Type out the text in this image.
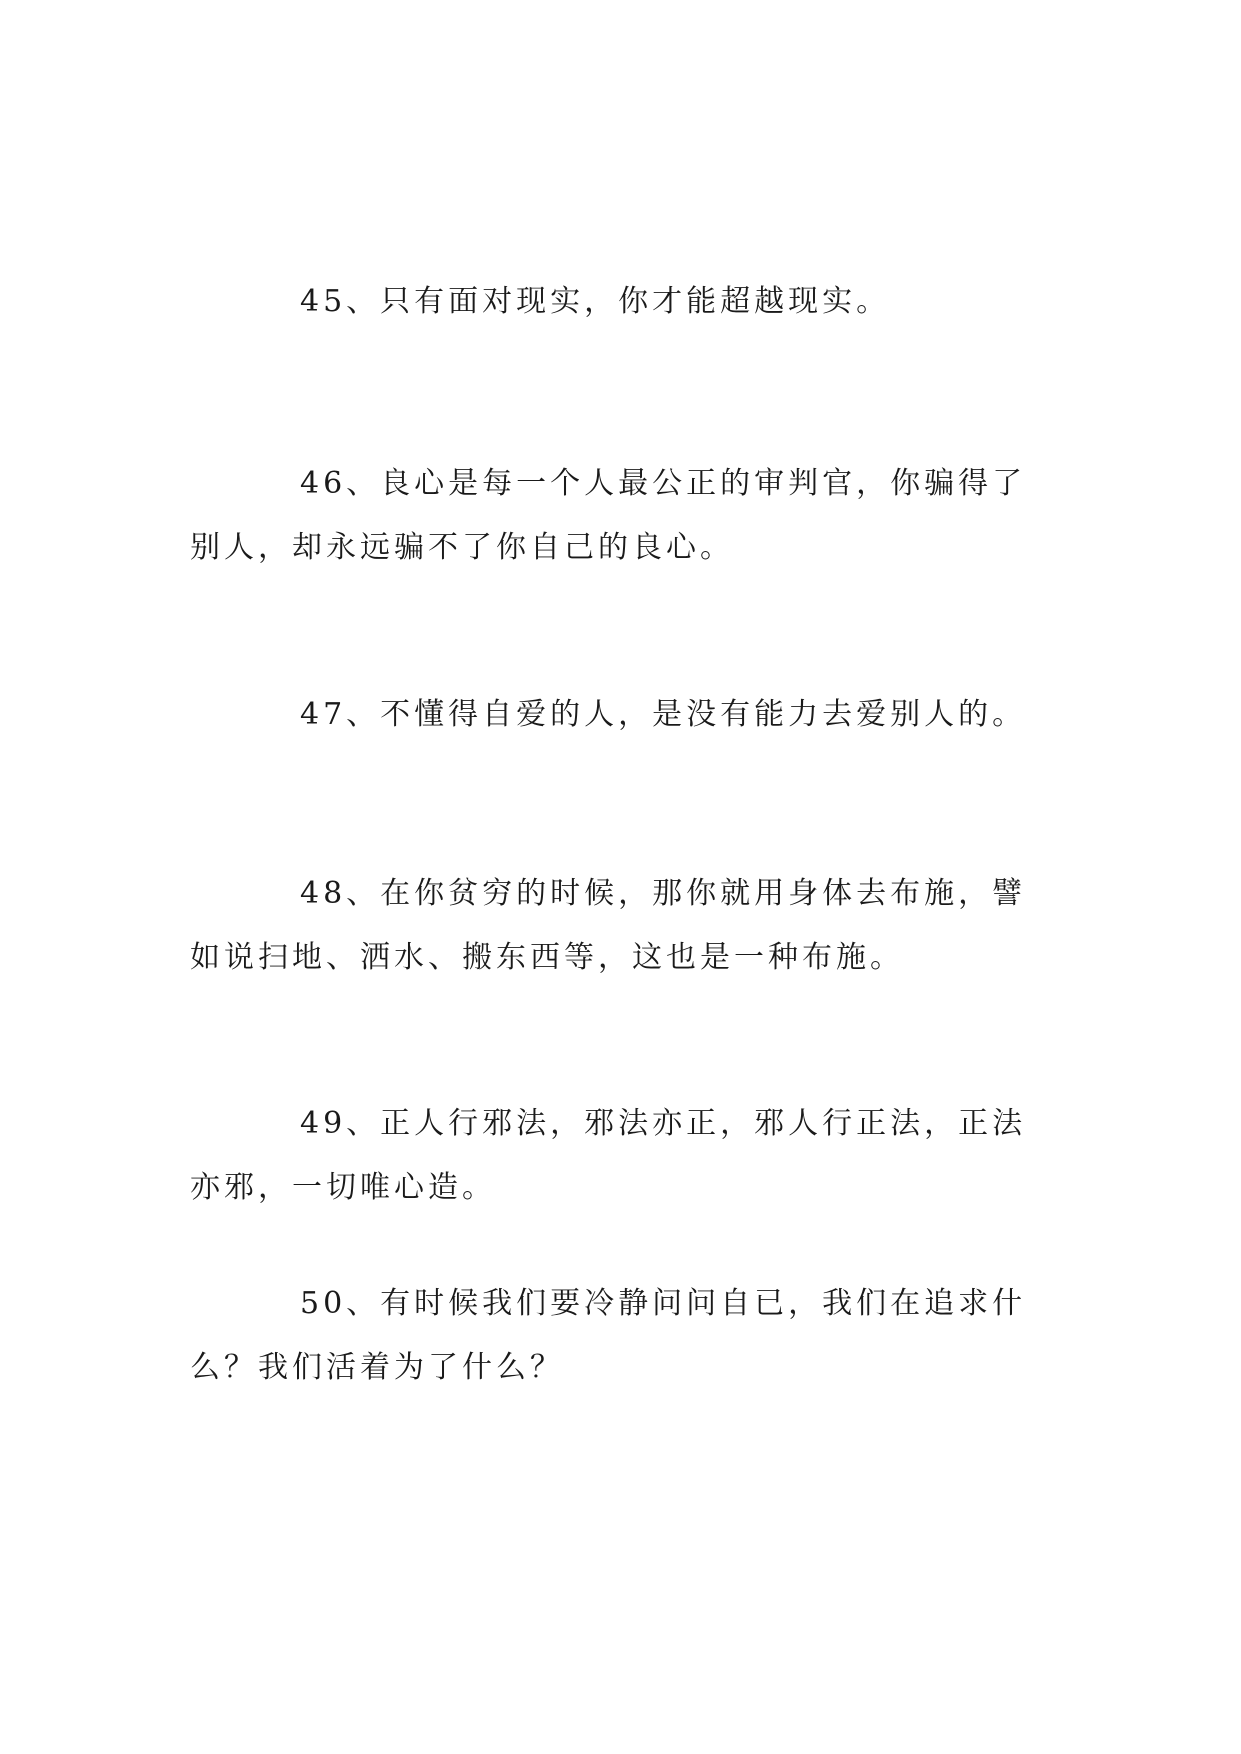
45、只有面对现实，你才能超越现实。

46、良心是每一个人最公正的审判官，你骗得了别人，却永远骗不了你自己的良心。

47、不懂得自爱的人，是没有能力去爱别人的。

48、在你贫穷的时候，那你就用身体去布施，譬如说扫地、洒水、搬东西等，这也是一种布施。

49、正人行邪法，邪法亦正，邪人行正法，正法亦邪，一切唯心造。

50、有时候我们要冷静问问自已，我们在追求什么？我们活着为了什么？
